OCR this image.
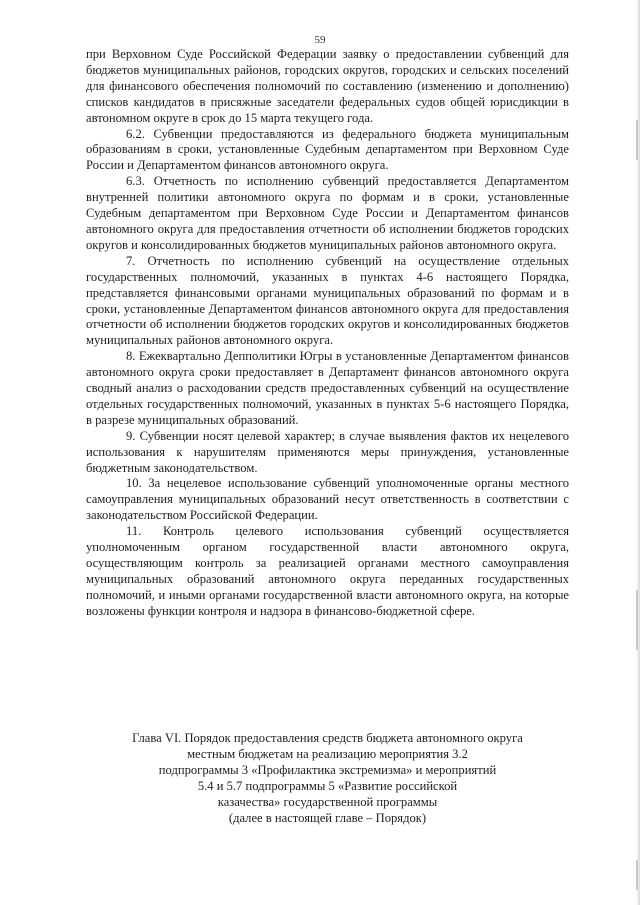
59

при Верховном Суде Российской Федерации заявку о предоставлении субвенций для бюджетов муниципальных районов, городских округов, городских и сельских поселений для финансового обеспечения полномочий по составлению (изменению и дополнению) списков кандидатов в присяжные заседатели федеральных судов общей юрисдикции в автономном округе в срок до 15 марта текущего года.

6.2. Субвенции предоставляются из федерального бюджета муниципальным образованиям в сроки, установленные Судебным департаментом при Верховном Суде России и Департаментом финансов автономного округа.

6.3. Отчетность по исполнению субвенций предоставляется Департаментом внутренней политики автономного округа по формам и в сроки, установленные Судебным департаментом при Верховном Суде России и Департаментом финансов автономного округа для предоставления отчетности об исполнении бюджетов городских округов и консолидированных бюджетов муниципальных районов автономного округа.

7. Отчетность по исполнению субвенций на осуществление отдельных государственных полномочий, указанных в пунктах 4-6 настоящего Порядка, представляется финансовыми органами муниципальных образований по формам и в сроки, установленные Департаментом финансов автономного округа для предоставления отчетности об исполнении бюджетов городских округов и консолидированных бюджетов муниципальных районов автономного округа.

8. Ежеквартально Депполитики Югры в установленные Департаментом финансов автономного округа сроки предоставляет в Департамент финансов автономного округа сводный анализ о расходовании средств предоставленных субвенций на осуществление отдельных государственных полномочий, указанных в пунктах 5-6 настоящего Порядка, в разрезе муниципальных образований.

9. Субвенции носят целевой характер; в случае выявления фактов их нецелевого использования к нарушителям применяются меры принуждения, установленные бюджетным законодательством.

10. За нецелевое использование субвенций уполномоченные органы местного самоуправления муниципальных образований несут ответственность в соответствии с законодательством Российской Федерации.

11. Контроль целевого использования субвенций осуществляется уполномоченным органом государственной власти автономного округа, осуществляющим контроль за реализацией органами местного самоуправления муниципальных образований автономного округа переданных государственных полномочий, и иными органами государственной власти автономного округа, на которые возложены функции контроля и надзора в финансово-бюджетной сфере.

Глава VI. Порядок предоставления средств бюджета автономного округа
местным бюджетам на реализацию мероприятия 3.2
подпрограммы 3 «Профилактика экстремизма» и мероприятий
5.4 и 5.7 подпрограммы 5 «Развитие российской
казачества» государственной программы
(далее в настоящей главе – Порядок)
